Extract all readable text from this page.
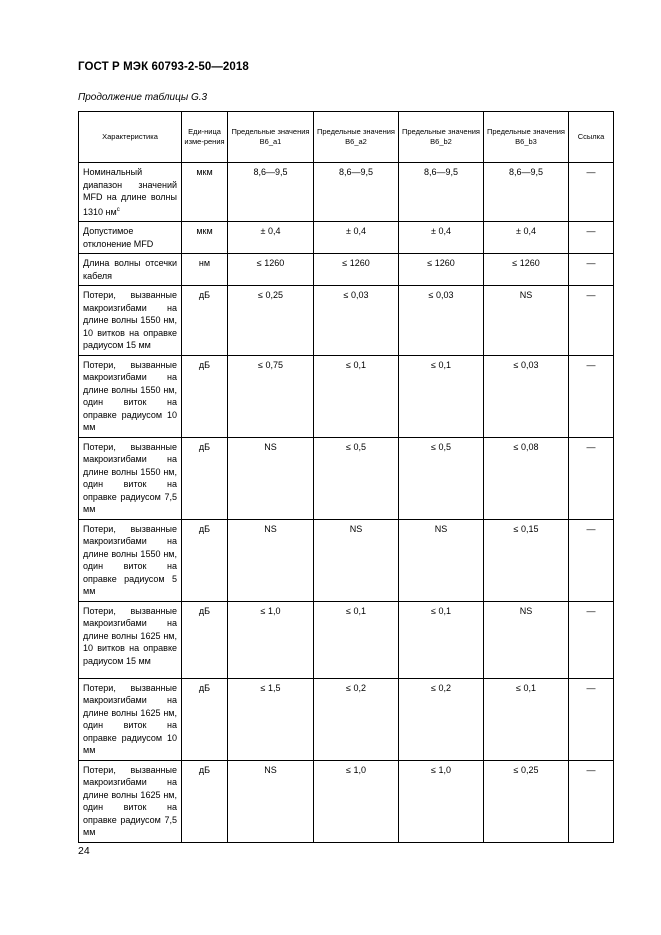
ГОСТ Р МЭК 60793-2-50—2018
Продолжение таблицы G.3
Характеристика	Еди-ница изме-рения	Предельные значения B6_a1	Предельные значения B6_a2	Предельные значения B6_b2	Предельные значения B6_b3	Ссылка
Номинальный диапазон значений MFD на длине волны 1310 $нм^c$	мкм	8,6—9,5	8,6—9,5	8,6—9,5	8,6—9,5	—
Допустимое отклонение MFD	мкм	± 0,4	± 0,4	± 0,4	± 0,4	—
Длина волны отсечки кабеля	нм	≤ 1260	≤ 1260	≤ 1260	≤ 1260	—
Потери, вызванные макроизгибами на длине волны 1550 нм, 10 витков на оправке радиусом 15 мм	дБ	≤ 0,25	≤ 0,03	≤ 0,03	NS	—
Потери, вызванные макроизгибами на длине волны 1550 нм, один виток на оправке радиусом 10 мм	дБ	≤ 0,75	≤ 0,1	≤ 0,1	≤ 0,03	—
Потери, вызванные макроизгибами на длине волны 1550 нм, один виток на оправке радиусом 7,5 мм	дБ	NS	≤ 0,5	≤ 0,5	≤ 0,08	—
Потери, вызванные макроизгибами на длине волны 1550 нм, один виток на оправке радиусом 5 мм	дБ	NS	NS	NS	≤ 0,15	—
Потери, вызванные макроизгибами на длине волны 1625 нм, 10 витков на оправке радиусом 15 мм	дБ	≤ 1,0	≤ 0,1	≤ 0,1	NS	—
Потери, вызванные макроизгибами на длине волны 1625 нм, один виток на оправке радиусом 10 мм	дБ	≤ 1,5	≤ 0,2	≤ 0,2	≤ 0,1	—
Потери, вызванные макроизгибами на длине волны 1625 нм, один виток на оправке радиусом 7,5 мм	дБ	NS	≤ 1,0	≤ 1,0	≤ 0,25	—
24
